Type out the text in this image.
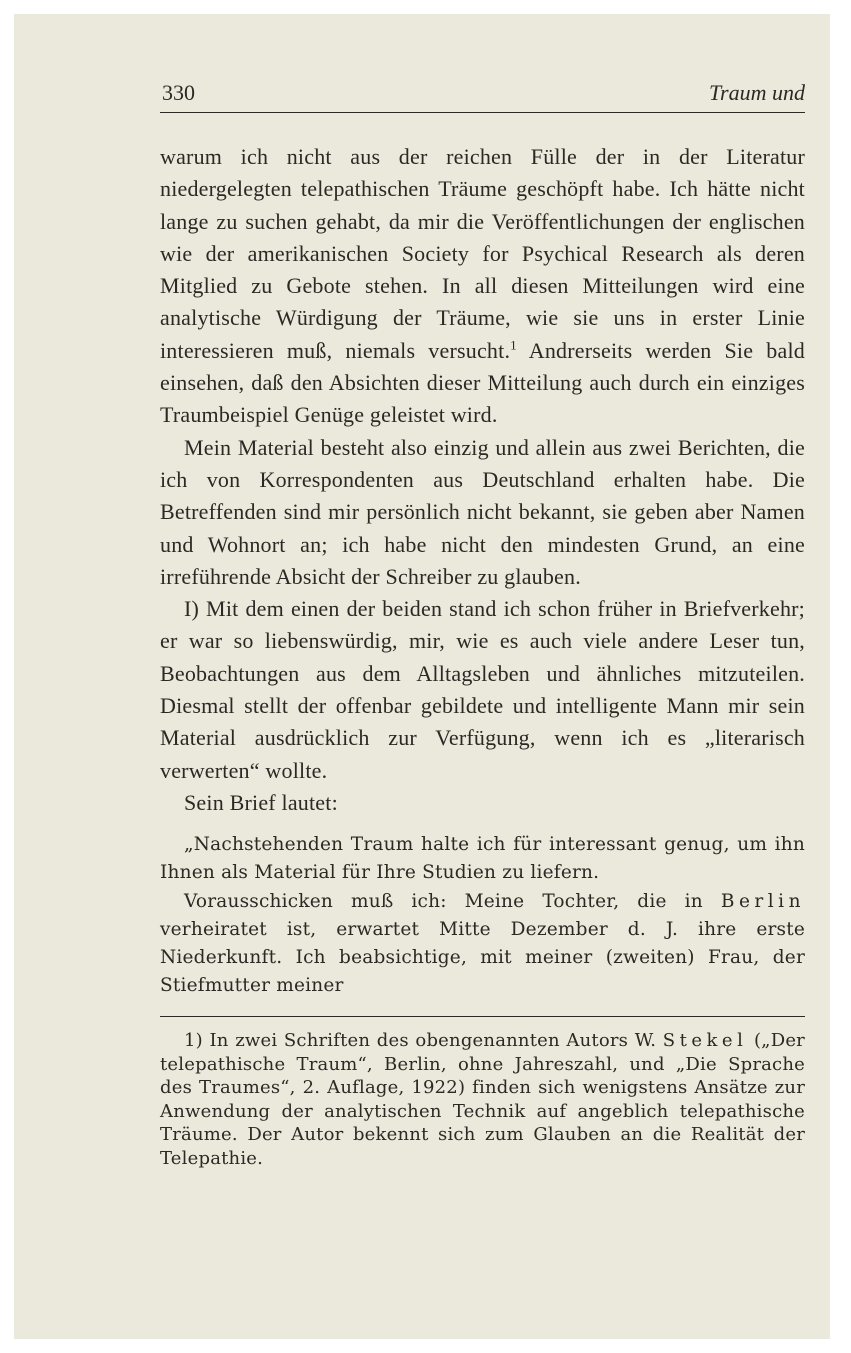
330	Traum und

warum ich nicht aus der reichen Fülle der in der Literatur niedergelegten telepathischen Träume geschöpft habe. Ich hätte nicht lange zu suchen gehabt, da mir die Veröffentlichungen der englischen wie der amerikanischen Society for Psychical Research als deren Mitglied zu Gebote stehen. In all diesen Mitteilungen wird eine analytische Würdigung der Träume, wie sie uns in erster Linie interessieren muß, niemals versucht.$^1$ Andrerseits werden Sie bald einsehen, daß den Absichten dieser Mitteilung auch durch ein einziges Traumbeispiel Genüge geleistet wird.

Mein Material besteht also einzig und allein aus zwei Berichten, die ich von Korrespondenten aus Deutschland erhalten habe. Die Betreffenden sind mir persönlich nicht bekannt, sie geben aber Namen und Wohnort an; ich habe nicht den mindesten Grund, an eine irreführende Absicht der Schreiber zu glauben.

I) Mit dem einen der beiden stand ich schon früher in Briefverkehr; er war so liebenswürdig, mir, wie es auch viele andere Leser tun, Beobachtungen aus dem Alltagsleben und ähnliches mitzuteilen. Diesmal stellt der offenbar gebildete und intelligente Mann mir sein Material ausdrücklich zur Verfügung, wenn ich es „literarisch verwerten“ wollte.

Sein Brief lautet:

„Nachstehenden Traum halte ich für interessant genug, um ihn Ihnen als Material für Ihre Studien zu liefern.

Vorausschicken muß ich: Meine Tochter, die in Berlin verheiratet ist, erwartet Mitte Dezember d. J. ihre erste Niederkunft. Ich beabsichtige, mit meiner (zweiten) Frau, der Stiefmutter meiner

1) In zwei Schriften des obengenannten Autors W. Stekel („Der telepathische Traum“, Berlin, ohne Jahreszahl, und „Die Sprache des Traumes“, 2. Auflage, 1922) finden sich wenigstens Ansätze zur Anwendung der analytischen Technik auf angeblich telepathische Träume. Der Autor bekennt sich zum Glauben an die Realität der Telepathie.
